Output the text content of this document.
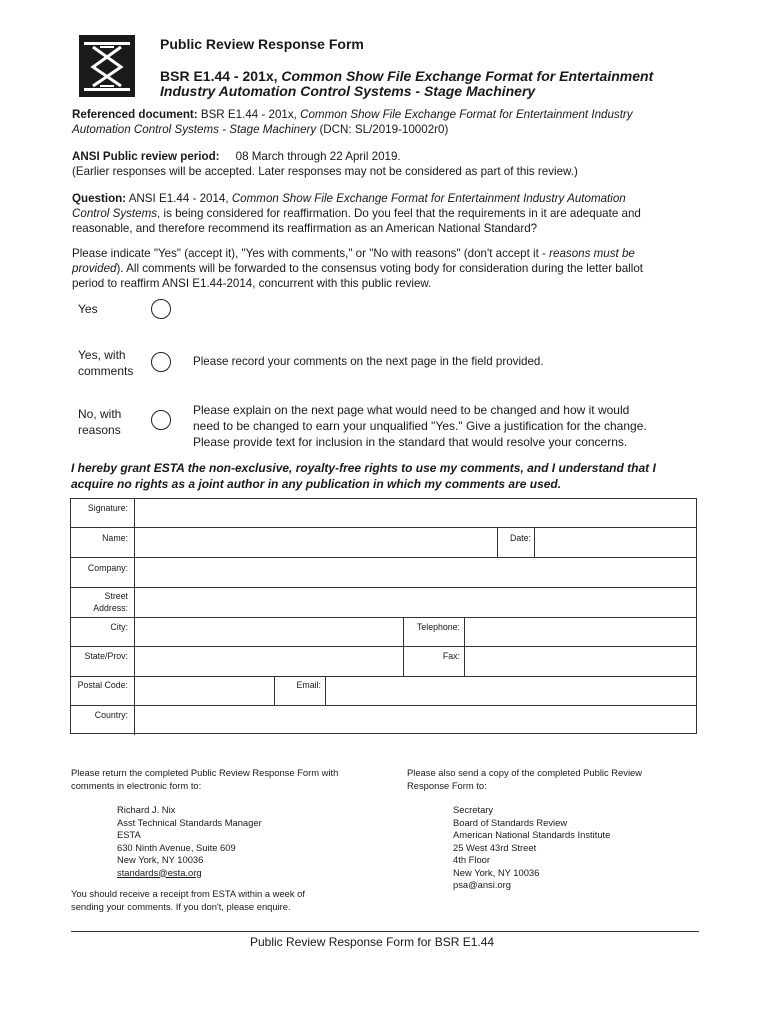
Public Review Response Form
BSR E1.44 - 201x, Common Show File Exchange Format for Entertainment
Industry Automation Control Systems - Stage Machinery
Referenced document: BSR E1.44 - 201x, Common Show File Exchange Format for Entertainment Industry
Automation Control Systems - Stage Machinery (DCN: SL/2019-10002r0)
ANSI Public review period: 08 March through 22 April 2019.
(Earlier responses will be accepted. Later responses may not be considered as part of this review.)
Question: ANSI E1.44 - 2014, Common Show File Exchange Format for Entertainment Industry Automation
Control Systems, is being considered for reaffirmation. Do you feel that the requirements in it are adequate and
reasonable, and therefore recommend its reaffirmation as an American National Standard?
Please indicate "Yes" (accept it), "Yes with comments," or "No with reasons" (don't accept it - reasons must be
provided). All comments will be forwarded to the consensus voting body for consideration during the letter ballot
period to reaffirm ANSI E1.44-2014, concurrent with this public review.
Yes
Yes, with
comments
Please record your comments on the next page in the field provided.
No, with
reasons
Please explain on the next page what would need to be changed and how it would
need to be changed to earn your unqualified "Yes." Give a justification for the change.
Please provide text for inclusion in the standard that would resolve your concerns.
I hereby grant ESTA the non-exclusive, royalty-free rights to use my comments, and I understand that I
acquire no rights as a joint author in any publication in which my comments are used.
Signature:
Name:	Date:
Company:
Street
Address:
City:	Telephone:
State/Prov:	Fax:
Postal Code:	Email:
Country:
Please return the completed Public Review Response Form with
comments in electronic form to:
Richard J. Nix
Asst Technical Standards Manager
ESTA
630 Ninth Avenue, Suite 609
New York, NY 10036
standards@esta.org
You should receive a receipt from ESTA within a week of
sending your comments. If you don't, please enquire.
Please also send a copy of the completed Public Review
Response Form to:
Secretary
Board of Standards Review
American National Standards Institute
25 West 43rd Street
4th Floor
New York, NY 10036
psa@ansi.org
Public Review Response Form for BSR E1.44
